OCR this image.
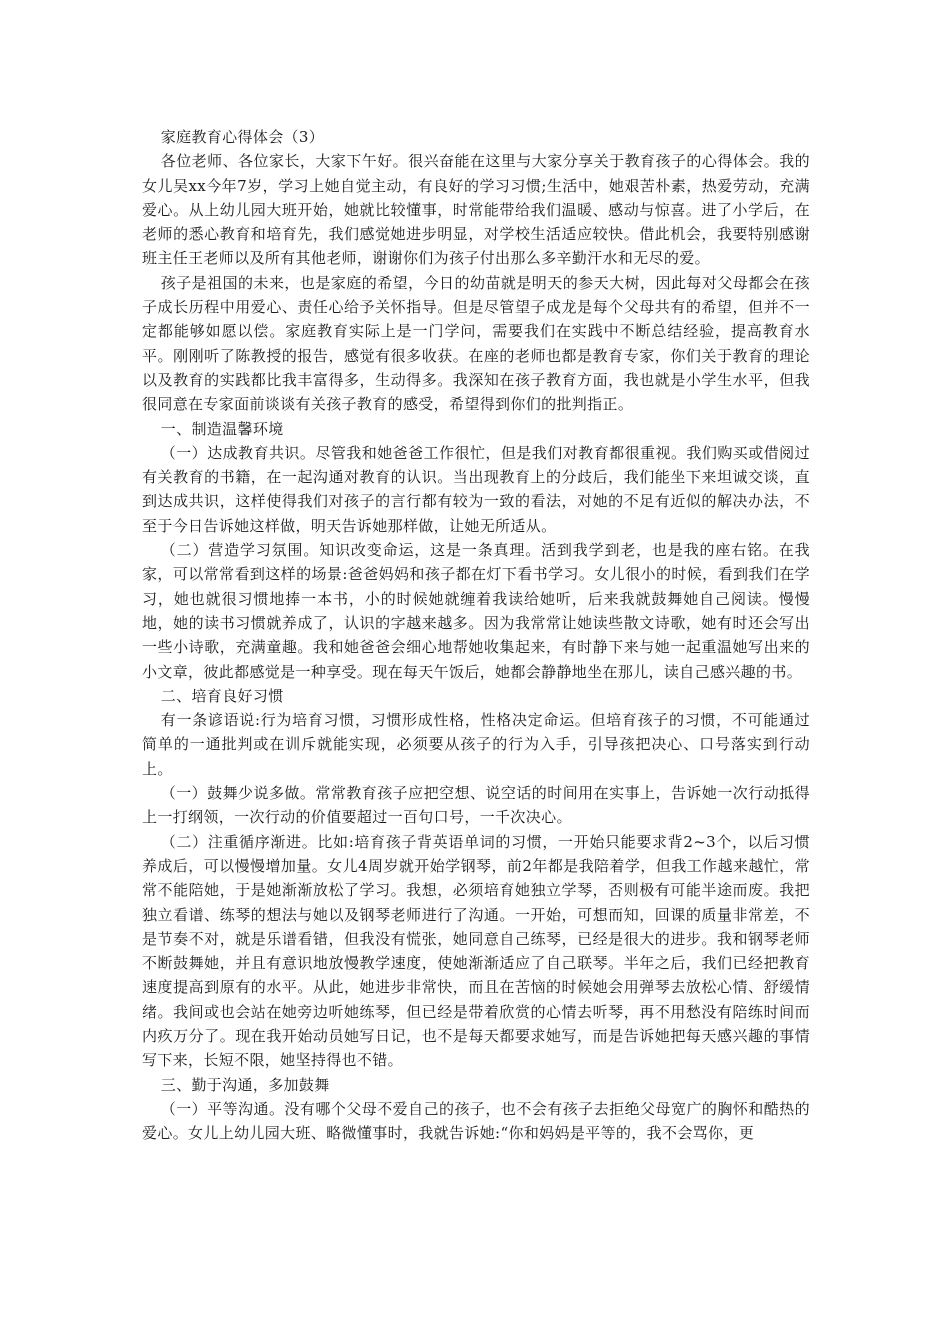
家庭教育心得体会（3）

各位老师、各位家长，大家下午好。很兴奋能在这里与大家分享关于教育孩子的心得体会。我的女儿吴xx今年7岁，学习上她自觉主动，有良好的学习习惯;生活中，她艰苦朴素，热爱劳动，充满爱心。从上幼儿园大班开始，她就比较懂事，时常能带给我们温暖、感动与惊喜。进了小学后，在老师的悉心教育和培育先，我们感觉她进步明显，对学校生活适应较快。借此机会，我要特别感谢班主任王老师以及所有其他老师，谢谢你们为孩子付出那么多辛勤汗水和无尽的爱。

孩子是祖国的未来，也是家庭的希望，今日的幼苗就是明天的参天大树，因此每对父母都会在孩子成长历程中用爱心、责任心给予关怀指导。但是尽管望子成龙是每个父母共有的希望，但并不一定都能够如愿以偿。家庭教育实际上是一门学问，需要我们在实践中不断总结经验，提高教育水平。刚刚听了陈教授的报告，感觉有很多收获。在座的老师也都是教育专家，你们关于教育的理论以及教育的实践都比我丰富得多，生动得多。我深知在孩子教育方面，我也就是小学生水平，但我很同意在专家面前谈谈有关孩子教育的感受，希望得到你们的批判指正。

一、制造温馨环境

（一）达成教育共识。尽管我和她爸爸工作很忙，但是我们对教育都很重视。我们购买或借阅过有关教育的书籍，在一起沟通对教育的认识。当出现教育上的分歧后，我们能坐下来坦诚交谈，直到达成共识，这样使得我们对孩子的言行都有较为一致的看法，对她的不足有近似的解决办法，不至于今日告诉她这样做，明天告诉她那样做，让她无所适从。

（二）营造学习氛围。知识改变命运，这是一条真理。活到我学到老，也是我的座右铭。在我家，可以常常看到这样的场景:爸爸妈妈和孩子都在灯下看书学习。女儿很小的时候，看到我们在学习，她也就很习惯地捧一本书，小的时候她就缠着我读给她听，后来我就鼓舞她自己阅读。慢慢地，她的读书习惯就养成了，认识的字越来越多。因为我常常让她读些散文诗歌，她有时还会写出一些小诗歌，充满童趣。我和她爸爸会细心地帮她收集起来，有时静下来与她一起重温她写出来的小文章，彼此都感觉是一种享受。现在每天午饭后，她都会静静地坐在那儿，读自己感兴趣的书。

二、培育良好习惯

有一条谚语说:行为培育习惯，习惯形成性格，性格决定命运。但培育孩子的习惯，不可能通过简单的一通批判或在训斥就能实现，必须要从孩子的行为入手，引导孩把决心、口号落实到行动上。

（一）鼓舞少说多做。常常教育孩子应把空想、说空话的时间用在实事上，告诉她一次行动抵得上一打纲领，一次行动的价值要超过一百句口号，一千次决心。

（二）注重循序渐进。比如:培育孩子背英语单词的习惯，一开始只能要求背2~3个，以后习惯养成后，可以慢慢增加量。女儿4周岁就开始学钢琴，前2年都是我陪着学，但我工作越来越忙，常常不能陪她，于是她渐渐放松了学习。我想，必须培育她独立学琴，否则极有可能半途而废。我把独立看谱、练琴的想法与她以及钢琴老师进行了沟通。一开始，可想而知，回课的质量非常差，不是节奏不对，就是乐谱看错，但我没有慌张，她同意自己练琴，已经是很大的进步。我和钢琴老师不断鼓舞她，并且有意识地放慢教学速度，使她渐渐适应了自己联琴。半年之后，我们已经把教育速度提高到原有的水平。从此，她进步非常快，而且在苦恼的时候她会用弹琴去放松心情、舒缓情绪。我间或也会站在她旁边听她练琴，但已经是带着欣赏的心情去听琴，再不用愁没有陪练时间而内疚万分了。现在我开始动员她写日记，也不是每天都要求她写，而是告诉她把每天感兴趣的事情写下来，长短不限，她坚持得也不错。

三、勤于沟通，多加鼓舞

（一）平等沟通。没有哪个父母不爱自己的孩子，也不会有孩子去拒绝父母宽广的胸怀和酷热的爱心。女儿上幼儿园大班、略微懂事时，我就告诉她:“你和妈妈是平等的，我不会骂你，更
